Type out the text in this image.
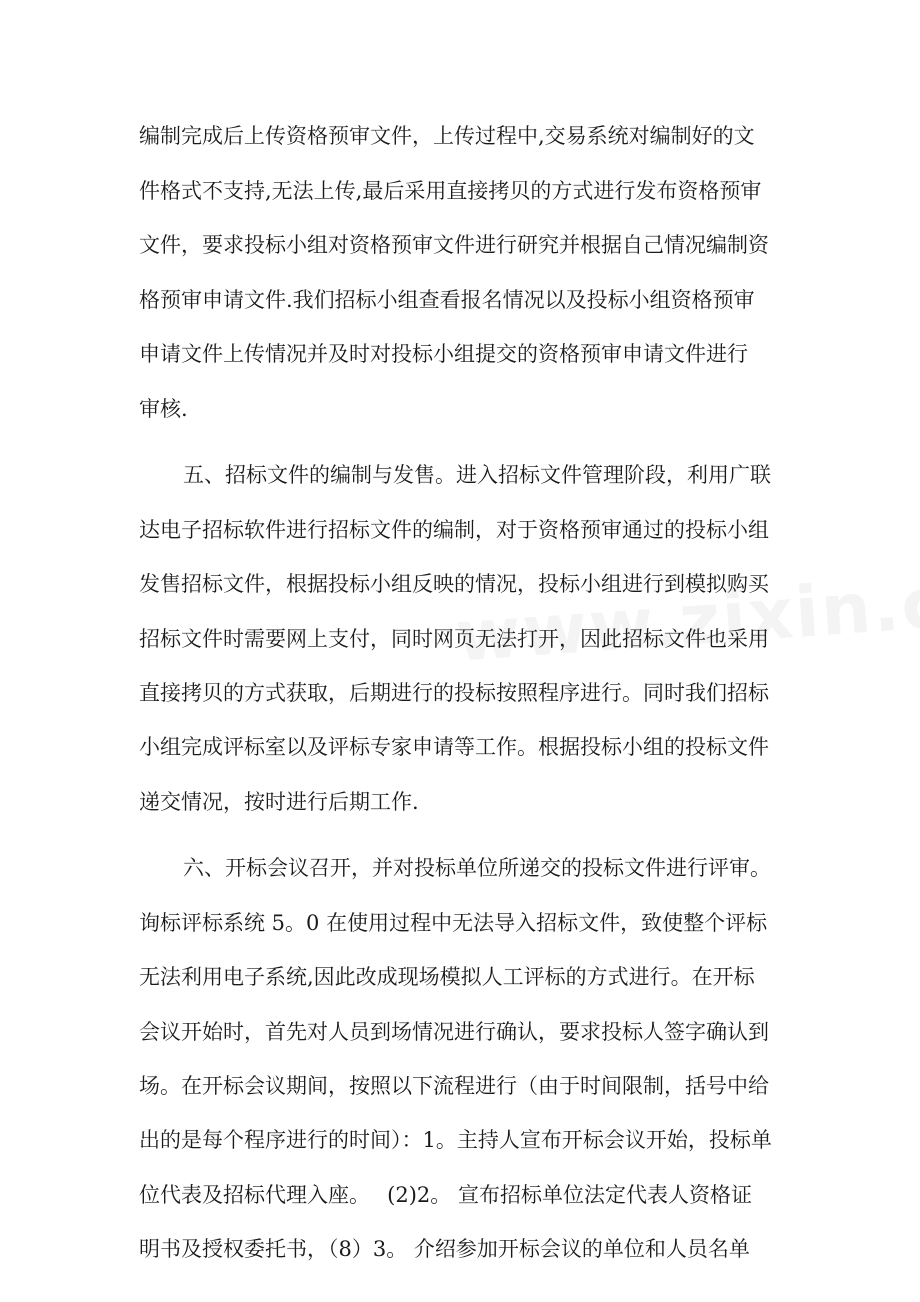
编制完成后上传资格预审文件，上传过程中,交易系统对编制好的文
件格式不支持,无法上传,最后采用直接拷贝的方式进行发布资格预审
文件，要求投标小组对资格预审文件进行研究并根据自己情况编制资
格预审申请文件.我们招标小组查看报名情况以及投标小组资格预审
申请文件上传情况并及时对投标小组提交的资格预审申请文件进行
审核.
五、招标文件的编制与发售。进入招标文件管理阶段，利用广联
达电子招标软件进行招标文件的编制，对于资格预审通过的投标小组
发售招标文件，根据投标小组反映的情况，投标小组进行到模拟购买
招标文件时需要网上支付，同时网页无法打开，因此招标文件也采用
直接拷贝的方式获取，后期进行的投标按照程序进行。同时我们招标
小组完成评标室以及评标专家申请等工作。根据投标小组的投标文件
递交情况，按时进行后期工作.
六、开标会议召开，并对投标单位所递交的投标文件进行评审。
询标评标系统 5。0 在使用过程中无法导入招标文件，致使整个评标
无法利用电子系统,因此改成现场模拟人工评标的方式进行。在开标
会议开始时，首先对人员到场情况进行确认，要求投标人签字确认到
场。在开标会议期间，按照以下流程进行（由于时间限制，括号中给
出的是每个程序进行的时间）：1。主持人宣布开标会议开始，投标单
位代表及招标代理入座。　 (2)2。 宣布招标单位法定代表人资格证
明书及授权委托书，（8）3。 介绍参加开标会议的单位和人员名单
